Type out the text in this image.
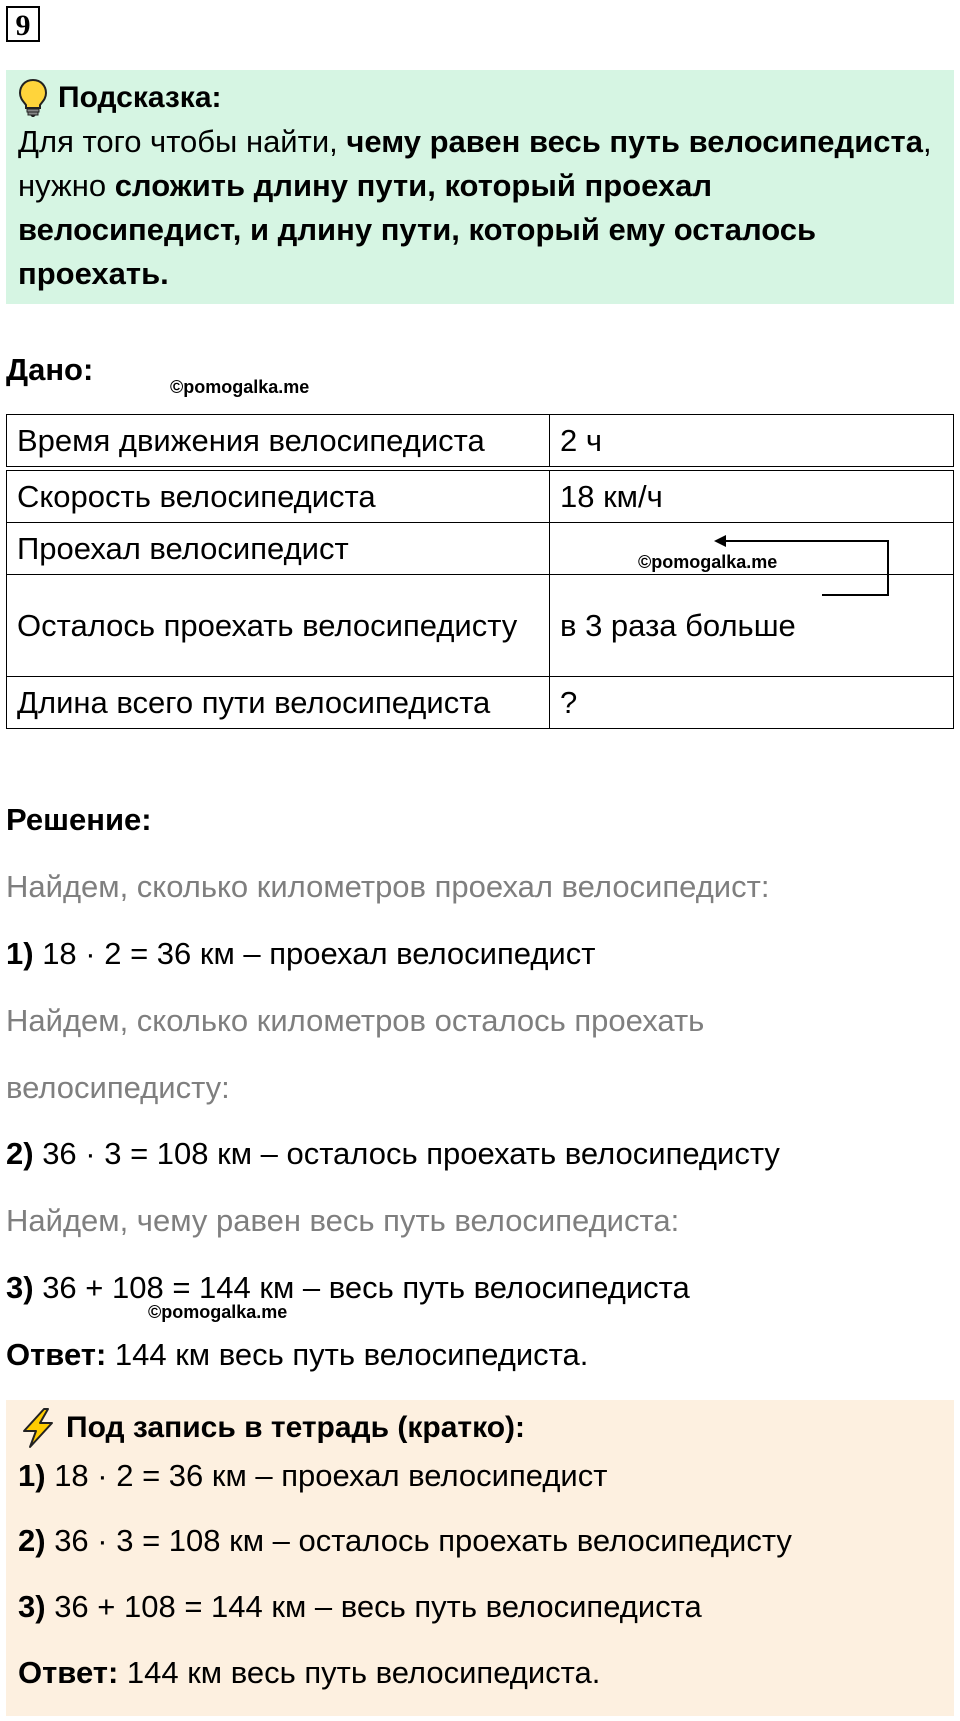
9
Подсказка:
Для того чтобы найти, чему равен весь путь велосипедиста, нужно сложить длину пути, который проехал велосипедист, и длину пути, который ему осталось проехать.
Дано:	©pomogalka.me
Время движения велосипедиста	2 ч
Скорость велосипедиста	18 км/ч
Проехал велосипедист	
Осталось проехать велосипедисту	в 3 раза больше
Длина всего пути велосипедиста	?
©pomogalka.me
Решение:
Найдем, сколько километров проехал велосипедист:
1) 18 · 2 = 36 км – проехал велосипедист
Найдем, сколько километров осталось проехать
велосипедисту:
2) 36 · 3 = 108 км – осталось проехать велосипедисту
Найдем, чему равен весь путь велосипедиста:
3) 36 + 108 = 144 км – весь путь велосипедиста
©pomogalka.me
Ответ: 144 км весь путь велосипедиста.
Под запись в тетрадь (кратко):
1) 18 · 2 = 36 км – проехал велосипедист
2) 36 · 3 = 108 км – осталось проехать велосипедисту
3) 36 + 108 = 144 км – весь путь велосипедиста
Ответ: 144 км весь путь велосипедиста.
